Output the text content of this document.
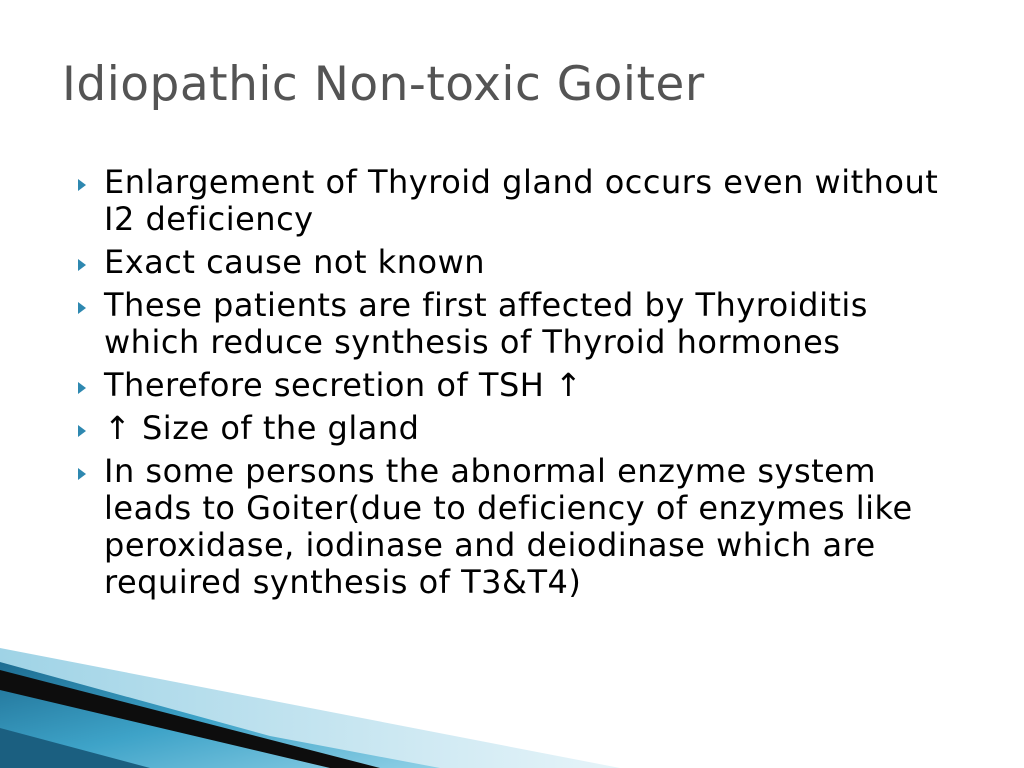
Idiopathic Non-toxic Goiter
Enlargement of Thyroid gland occurs even without I2 deficiency
Exact cause not known
These patients are first affected by Thyroiditis which reduce synthesis of Thyroid hormones
Therefore secretion of TSH ↑
↑ Size of the gland
In some persons the abnormal enzyme system leads to Goiter(due to deficiency of enzymes like peroxidase, iodinase and deiodinase which are required synthesis of T3&T4)
